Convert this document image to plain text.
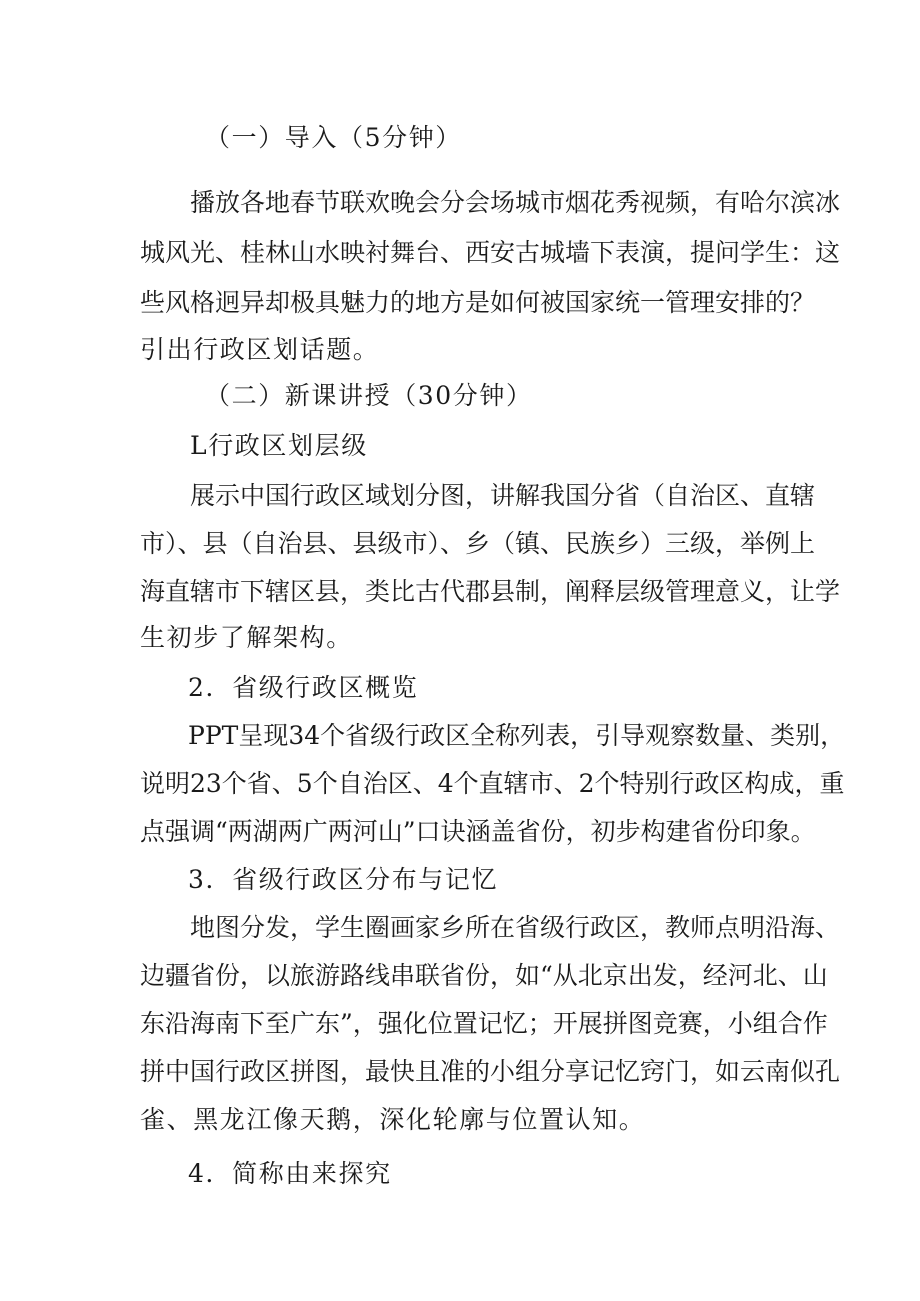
（一）导入（5分钟）
播放各地春节联欢晚会分会场城市烟花秀视频，有哈尔滨冰
城风光、桂林山水映衬舞台、西安古城墙下表演，提问学生：这
些风格迥异却极具魅力的地方是如何被国家统一管理安排的？
引出行政区划话题。
（二）新课讲授（30分钟）
L行政区划层级
展示中国行政区域划分图，讲解我国分省（自治区、直辖
市）、县（自治县、县级市）、乡（镇、民族乡）三级，举例上
海直辖市下辖区县，类比古代郡县制，阐释层级管理意义，让学
生初步了解架构。
2．省级行政区概览
PPT呈现34个省级行政区全称列表，引导观察数量、类别，
说明23个省、5个自治区、4个直辖市、2个特别行政区构成，重
点强调“两湖两广两河山”口诀涵盖省份，初步构建省份印象。
3．省级行政区分布与记忆
地图分发，学生圈画家乡所在省级行政区，教师点明沿海、
边疆省份，以旅游路线串联省份，如“从北京出发，经河北、山
东沿海南下至广东”，强化位置记忆；开展拼图竞赛，小组合作
拼中国行政区拼图，最快且准的小组分享记忆窍门，如云南似孔
雀、黑龙江像天鹅，深化轮廓与位置认知。
4．简称由来探究
